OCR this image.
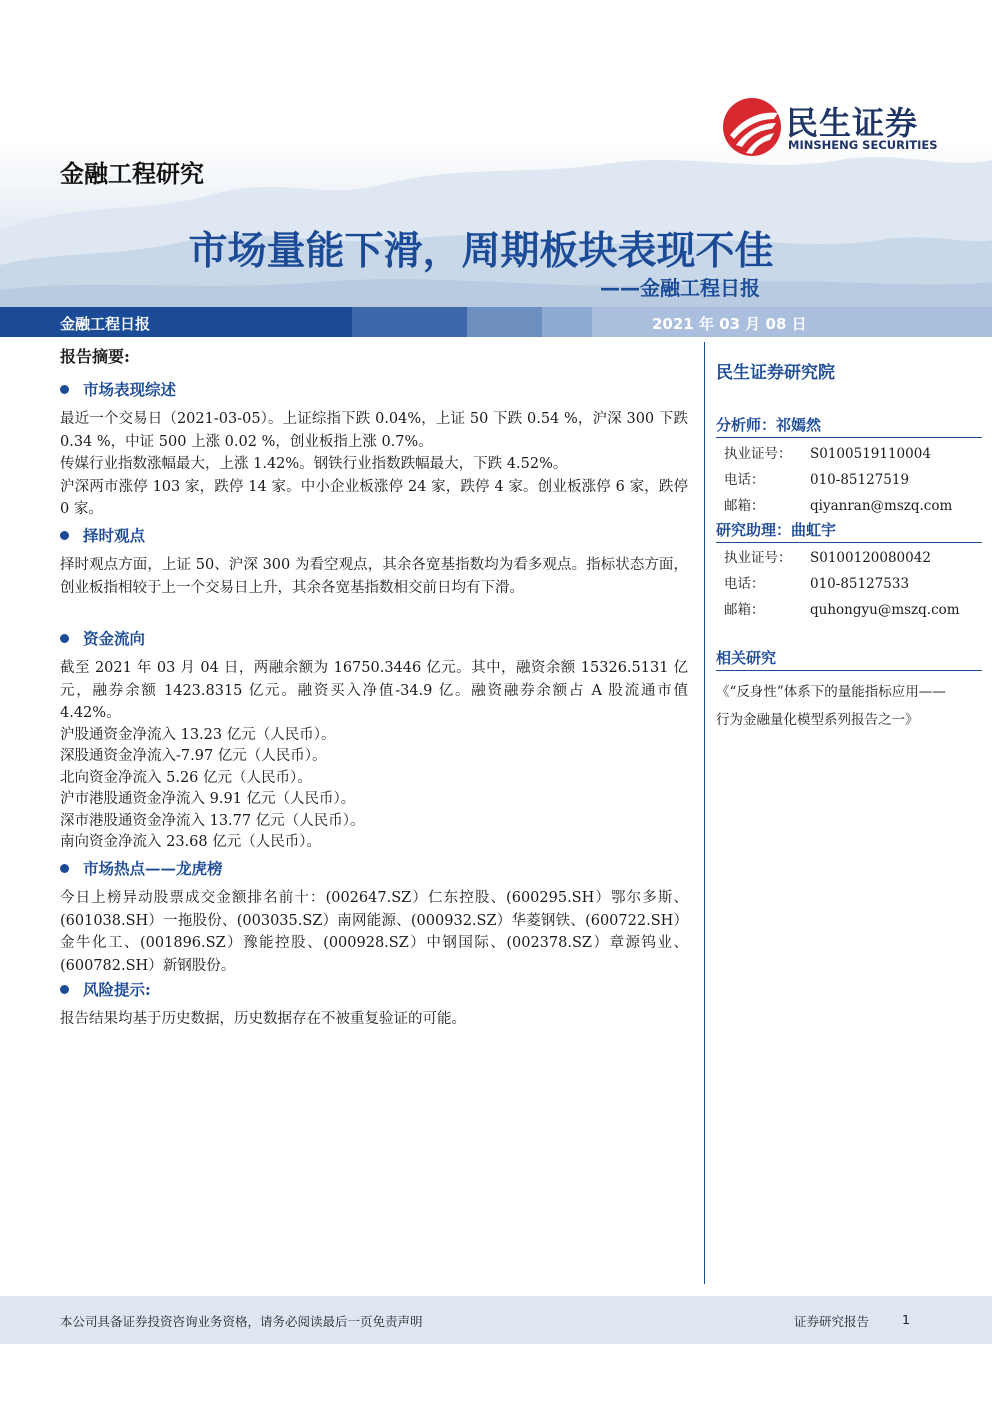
民生证券
MINSHENG SECURITIES
金融工程研究
市场量能下滑，周期板块表现不佳
——金融工程日报
金融工程日报	2021 年 03 月 08 日
报告摘要:
市场表现综述

最近一个交易日（2021-03-05）。上证综指下跌 0.04%，上证 50 下跌 0.54 %，沪深 300 下跌 0.34 %，中证 500 上涨 0.02 %，创业板指上涨 0.7%。

传媒行业指数涨幅最大，上涨 1.42%。钢铁行业指数跌幅最大，下跌 4.52%。

沪深两市涨停 103 家，跌停 14 家。中小企业板涨停 24 家，跌停 4 家。创业板涨停 6 家，跌停 0 家。

择时观点

择时观点方面，上证 50、沪深 300 为看空观点，其余各宽基指数均为看多观点。指标状态方面，创业板指相较于上一个交易日上升，其余各宽基指数相交前日均有下滑。

资金流向

截至 2021 年 03 月 04 日，两融余额为 16750.3446 亿元。其中，融资余额 15326.5131 亿元，融券余额 1423.8315 亿元。融资买入净值-34.9 亿。融资融券余额占 A 股流通市值 4.42%。

沪股通资金净流入 13.23 亿元（人民币）。

深股通资金净流入-7.97 亿元（人民币）。

北向资金净流入 5.26 亿元（人民币）。

沪市港股通资金净流入 9.91 亿元（人民币）。

深市港股通资金净流入 13.77 亿元（人民币）。

南向资金净流入 23.68 亿元（人民币）。

市场热点——龙虎榜

今日上榜异动股票成交金额排名前十：(002647.SZ）仁东控股、(600295.SH）鄂尔多斯、(601038.SH）一拖股份、(003035.SZ）南网能源、(000932.SZ）华菱钢铁、(600722.SH）金牛化工、(001896.SZ）豫能控股、(000928.SZ）中钢国际、(002378.SZ）章源钨业、(600782.SH）新钢股份。

风险提示:

报告结果均基于历史数据，历史数据存在不被重复验证的可能。

民生证券研究院
分析师：祁嫣然
执业证号： S0100519110004
电话：	010-85127519
邮箱：	qiyanran@mszq.com
研究助理：曲虹宇
执业证号： S0100120080042
电话：	010-85127533
邮箱：	quhongyu@mszq.com
相关研究
《“反身性”体系下的量能指标应用——
行为金融量化模型系列报告之一》
本公司具备证券投资咨询业务资格，请务必阅读最后一页免责声明	证券研究报告	1
